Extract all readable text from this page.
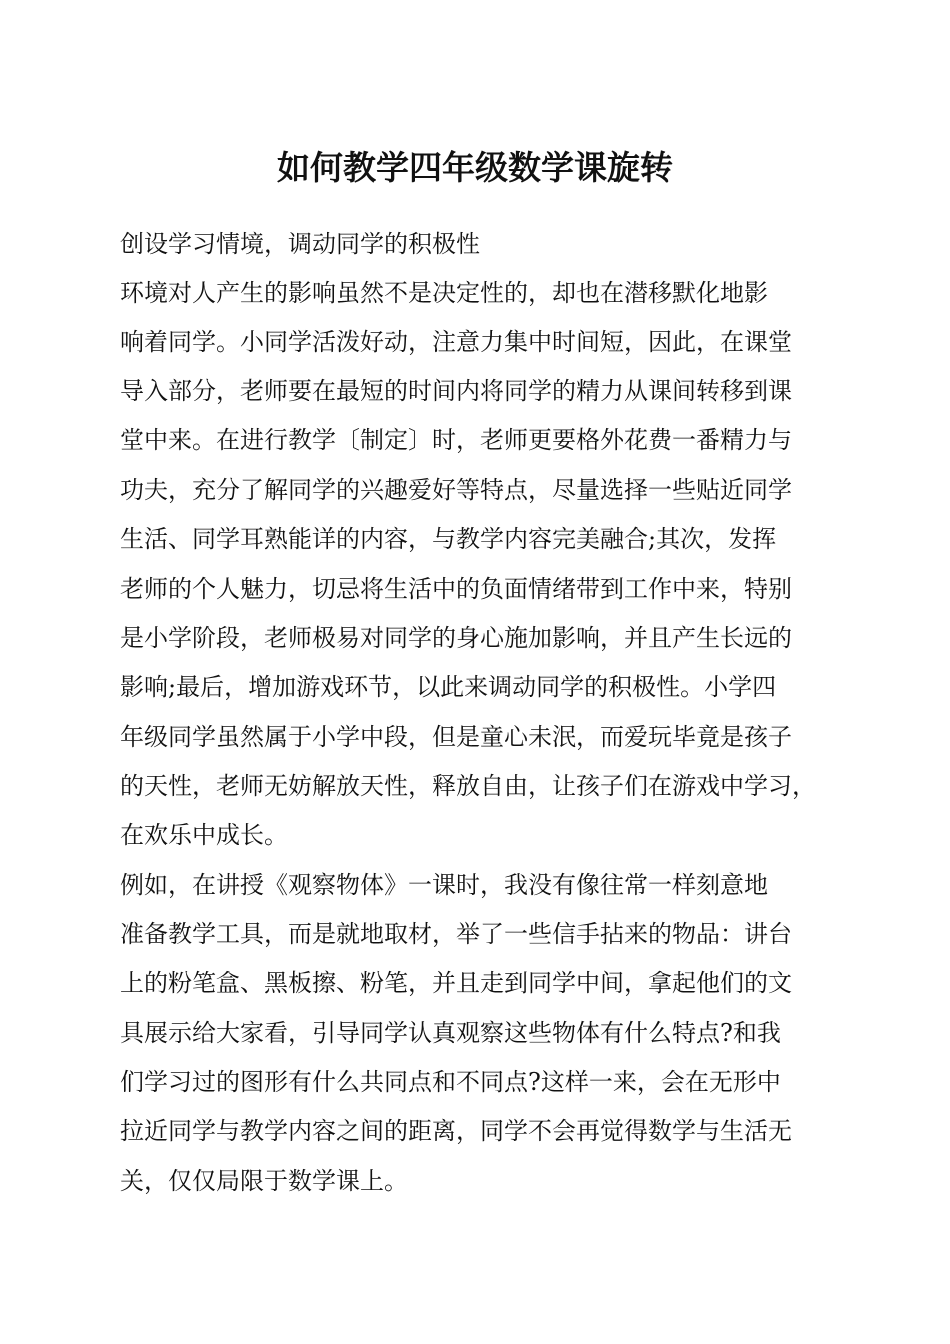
如何教学四年级数学课旋转
创设学习情境，调动同学的积极性
环境对人产生的影响虽然不是决定性的，却也在潜移默化地影
响着同学。小同学活泼好动，注意力集中时间短，因此，在课堂
导入部分，老师要在最短的时间内将同学的精力从课间转移到课
堂中来。在进行教学〔制定〕时，老师更要格外花费一番精力与
功夫，充分了解同学的兴趣爱好等特点，尽量选择一些贴近同学
生活、同学耳熟能详的内容，与教学内容完美融合;其次，发挥
老师的个人魅力，切忌将生活中的负面情绪带到工作中来，特别
是小学阶段，老师极易对同学的身心施加影响，并且产生长远的
影响;最后，增加游戏环节，以此来调动同学的积极性。小学四
年级同学虽然属于小学中段，但是童心未泯，而爱玩毕竟是孩子
的天性，老师无妨解放天性，释放自由，让孩子们在游戏中学习，
在欢乐中成长。
例如，在讲授《观察物体》一课时，我没有像往常一样刻意地
准备教学工具，而是就地取材，举了一些信手拈来的物品：讲台
上的粉笔盒、黑板擦、粉笔，并且走到同学中间，拿起他们的文
具展示给大家看，引导同学认真观察这些物体有什么特点?和我
们学习过的图形有什么共同点和不同点?这样一来，会在无形中
拉近同学与教学内容之间的距离，同学不会再觉得数学与生活无
关，仅仅局限于数学课上。
